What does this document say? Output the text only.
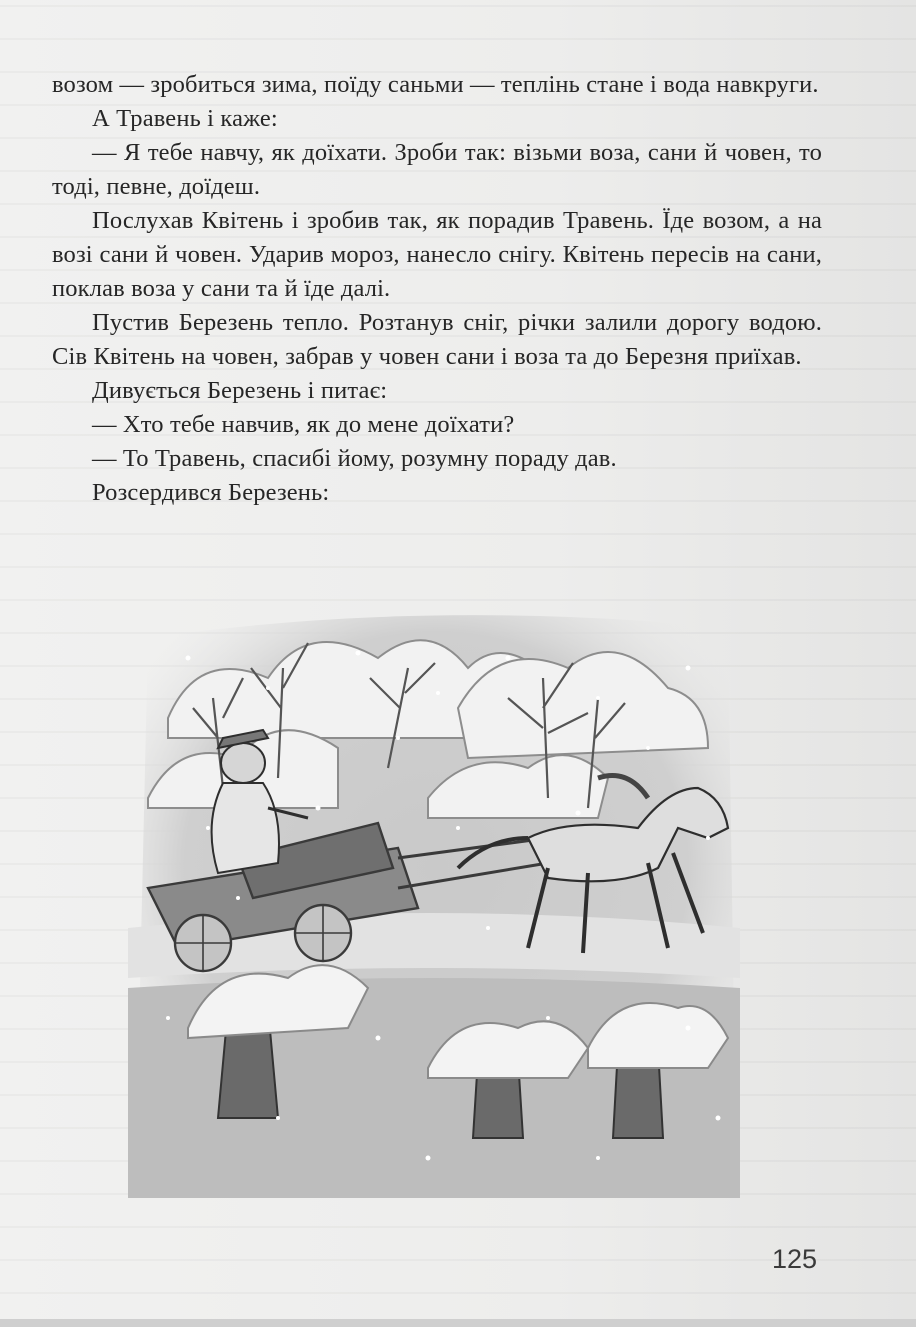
возом — зробиться зима, поїду саньми — теплінь стане і вода навкруги.

А Травень і каже:

— Я тебе навчу, як доїхати. Зроби так: візьми воза, сани й човен, то тоді, певне, доїдеш.

Послухав Квітень і зробив так, як порадив Травень. Їде возом, а на возі сани й човен. Ударив мороз, нанесло снігу. Квітень пересів на сани, поклав воза у сани та й їде далі.

Пустив Березень тепло. Розтанув сніг, річки залили дорогу водою. Сів Квітень на човен, забрав у човен сани і воза та до Березня приїхав.

Дивується Березень і питає:

— Хто тебе навчив, як до мене доїхати?

— То Травень, спасибі йому, розумну пораду дав.

Розсердився Березень:

125
